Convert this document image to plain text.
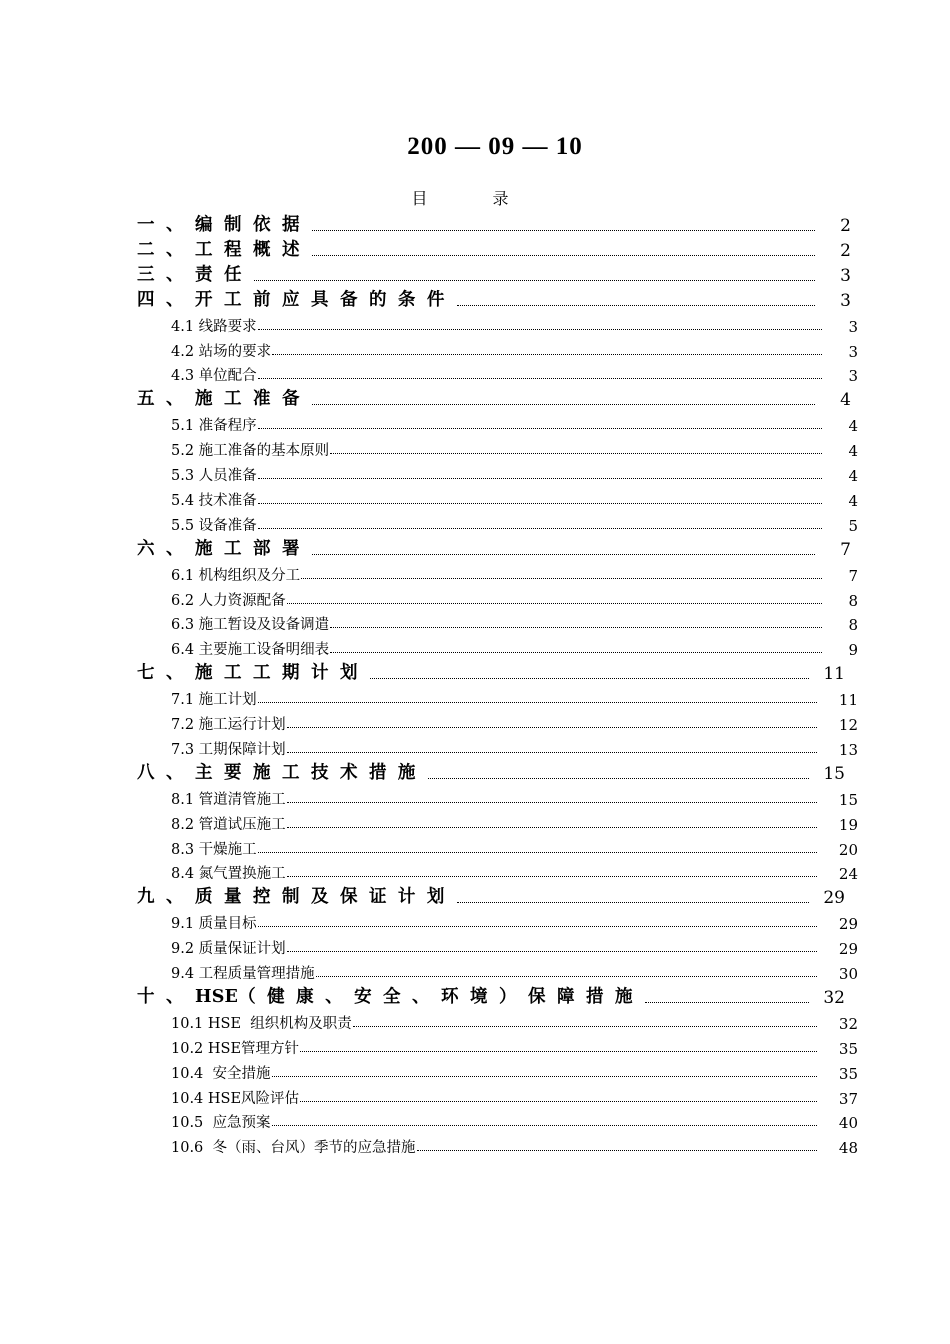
200 — 09 — 10
目 录
一 、 编 制 依 据	2
二 、 工 程 概 述	2
三 、 责 任	3
四 、 开 工 前 应 具 备 的 条 件	3
4.1 线路要求	3
4.2 站场的要求	3
4.3 单位配合	3
五 、 施 工 准 备	4
5.1 准备程序	4
5.2 施工准备的基本原则	4
5.3 人员准备	4
5.4 技术准备	4
5.5 设备准备	5
六 、 施 工 部 署	7
6.1 机构组织及分工	7
6.2 人力资源配备	8
6.3 施工暂设及设备调遣	8
6.4 主要施工设备明细表	9
七 、 施 工 工 期 计 划	11
7.1 施工计划	11
7.2 施工运行计划	12
7.3 工期保障计划	13
八 、 主 要 施 工 技 术 措 施	15
8.1 管道清管施工	15
8.2 管道试压施工	19
8.3 干燥施工	20
8.4 氮气置换施工	24
九 、 质 量 控 制 及 保 证 计 划	29
9.1 质量目标	29
9.2 质量保证计划	29
9.4 工程质量管理措施	30
十 、 HSE（ 健 康 、 安 全 、 环 境 ） 保 障 措 施	32
10.1 HSE  组织机构及职责	32
10.2 HSE管理方针	35
10.4  安全措施	35
10.4 HSE风险评估	37
10.5  应急预案	40
10.6  冬（雨、台风）季节的应急措施	48
